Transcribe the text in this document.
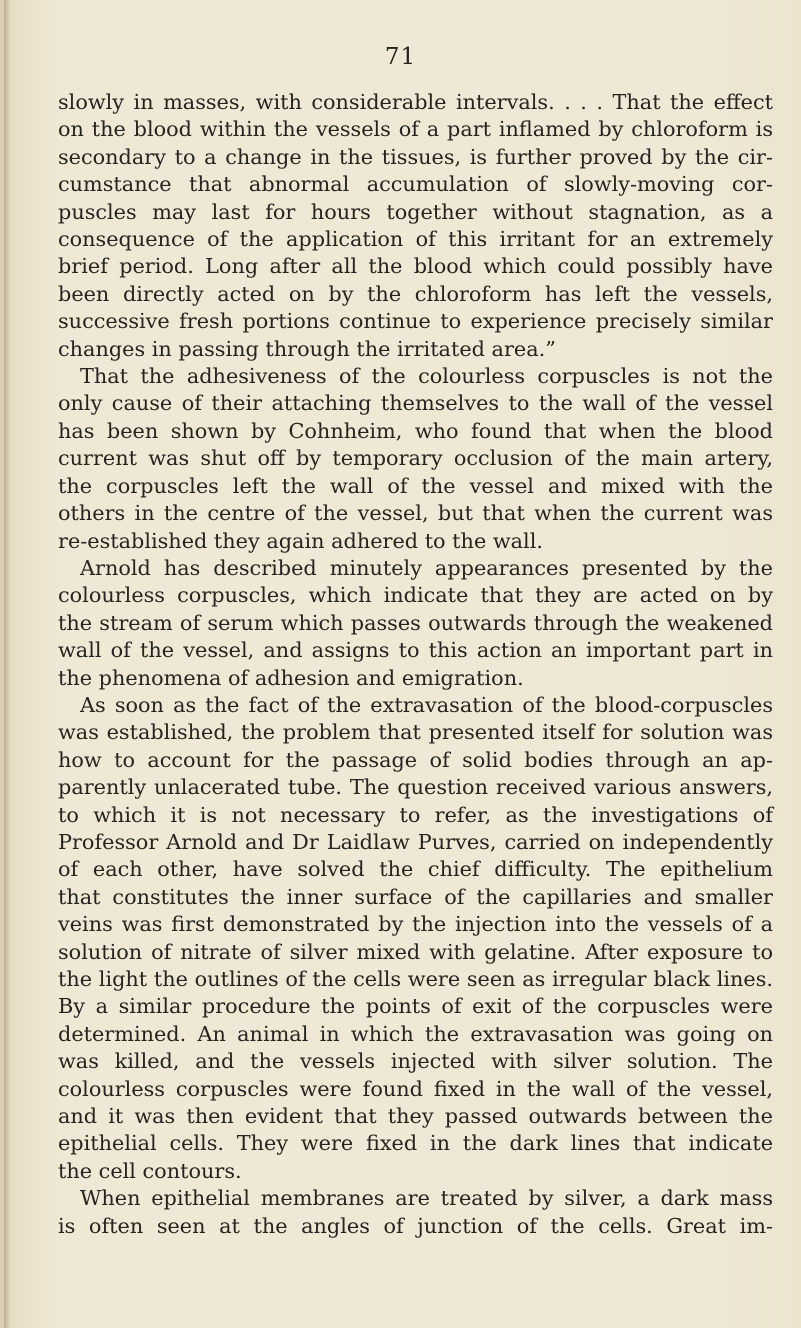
71
slowly in masses, with considerable intervals. . . . That the effect
on the blood within the vessels of a part inflamed by chloroform is
secondary to a change in the tissues, is further proved by the cir-
cumstance that abnormal accumulation of slowly-moving cor-
puscles may last for hours together without stagnation, as a
consequence of the application of this irritant for an extremely
brief period. Long after all the blood which could possibly have
been directly acted on by the chloroform has left the vessels,
successive fresh portions continue to experience precisely similar
changes in passing through the irritated area.”
That the adhesiveness of the colourless corpuscles is not the
only cause of their attaching themselves to the wall of the vessel
has been shown by Cohnheim, who found that when the blood
current was shut off by temporary occlusion of the main artery,
the corpuscles left the wall of the vessel and mixed with the
others in the centre of the vessel, but that when the current was
re-established they again adhered to the wall.
Arnold has described minutely appearances presented by the
colourless corpuscles, which indicate that they are acted on by
the stream of serum which passes outwards through the weakened
wall of the vessel, and assigns to this action an important part in
the phenomena of adhesion and emigration.
As soon as the fact of the extravasation of the blood-corpuscles
was established, the problem that presented itself for solution was
how to account for the passage of solid bodies through an ap-
parently unlacerated tube. The question received various answers,
to which it is not necessary to refer, as the investigations of
Professor Arnold and Dr Laidlaw Purves, carried on independently
of each other, have solved the chief difficulty. The epithelium
that constitutes the inner surface of the capillaries and smaller
veins was first demonstrated by the injection into the vessels of a
solution of nitrate of silver mixed with gelatine. After exposure to
the light the outlines of the cells were seen as irregular black lines.
By a similar procedure the points of exit of the corpuscles were
determined. An animal in which the extravasation was going on
was killed, and the vessels injected with silver solution. The
colourless corpuscles were found fixed in the wall of the vessel,
and it was then evident that they passed outwards between the
epithelial cells. They were fixed in the dark lines that indicate
the cell contours.
When epithelial membranes are treated by silver, a dark mass
is often seen at the angles of junction of the cells. Great im-
